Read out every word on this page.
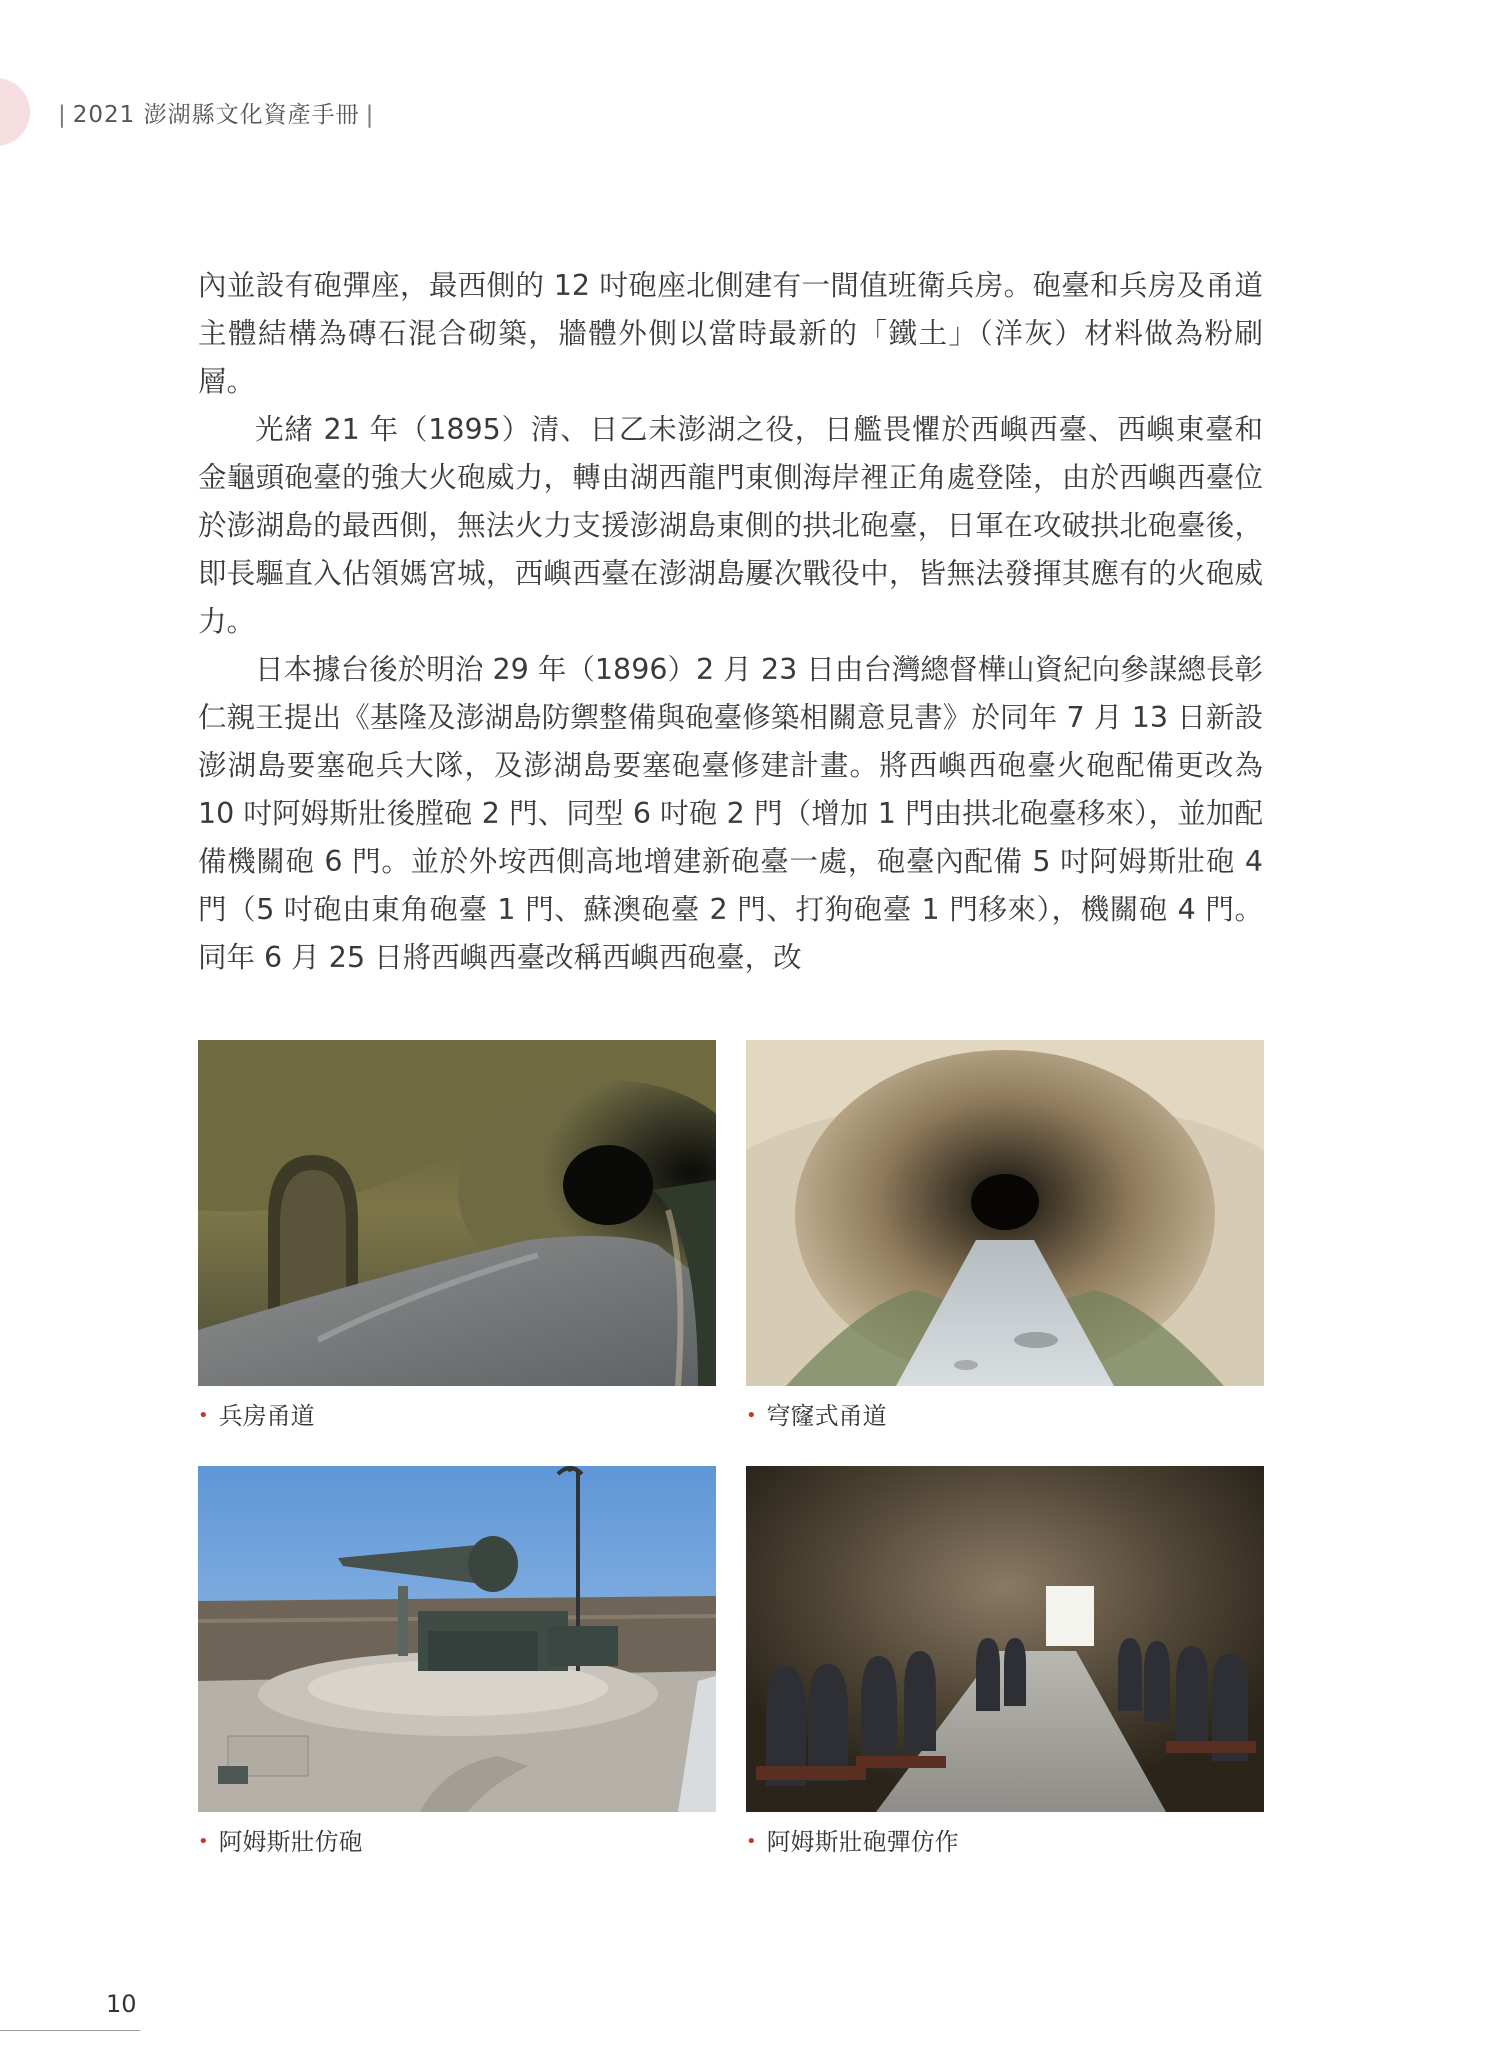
| 2021 澎湖縣文化資產手冊 |

內並設有砲彈座，最西側的 12 吋砲座北側建有一間值班衛兵房。砲臺和兵房及甬道主體結構為磚石混合砌築，牆體外側以當時最新的「鐵土」（洋灰）材料做為粉刷層。

光緒 21 年（1895）清、日乙未澎湖之役，日艦畏懼於西嶼西臺、西嶼東臺和金龜頭砲臺的強大火砲威力，轉由湖西龍門東側海岸裡正角處登陸，由於西嶼西臺位於澎湖島的最西側，無法火力支援澎湖島東側的拱北砲臺，日軍在攻破拱北砲臺後，即長驅直入佔領媽宮城，西嶼西臺在澎湖島屢次戰役中，皆無法發揮其應有的火砲威力。

日本據台後於明治 29 年（1896）2 月 23 日由台灣總督樺山資紀向參謀總長彰仁親王提出《基隆及澎湖島防禦整備與砲臺修築相關意見書》於同年 7 月 13 日新設澎湖島要塞砲兵大隊，及澎湖島要塞砲臺修建計畫。將西嶼西砲臺火砲配備更改為 10 吋阿姆斯壯後膛砲 2 門、同型 6 吋砲 2 門（增加 1 門由拱北砲臺移來），並加配備機關砲 6 門。並於外垵西側高地增建新砲臺一處，砲臺內配備 5 吋阿姆斯壯砲 4 門（5 吋砲由東角砲臺 1 門、蘇澳砲臺 2 門、打狗砲臺 1 門移來），機關砲 4 門。同年 6 月 25 日將西嶼西臺改稱西嶼西砲臺，改

• 兵房甬道	• 穹窿式甬道
• 阿姆斯壯仿砲	• 阿姆斯壯砲彈仿作
10
